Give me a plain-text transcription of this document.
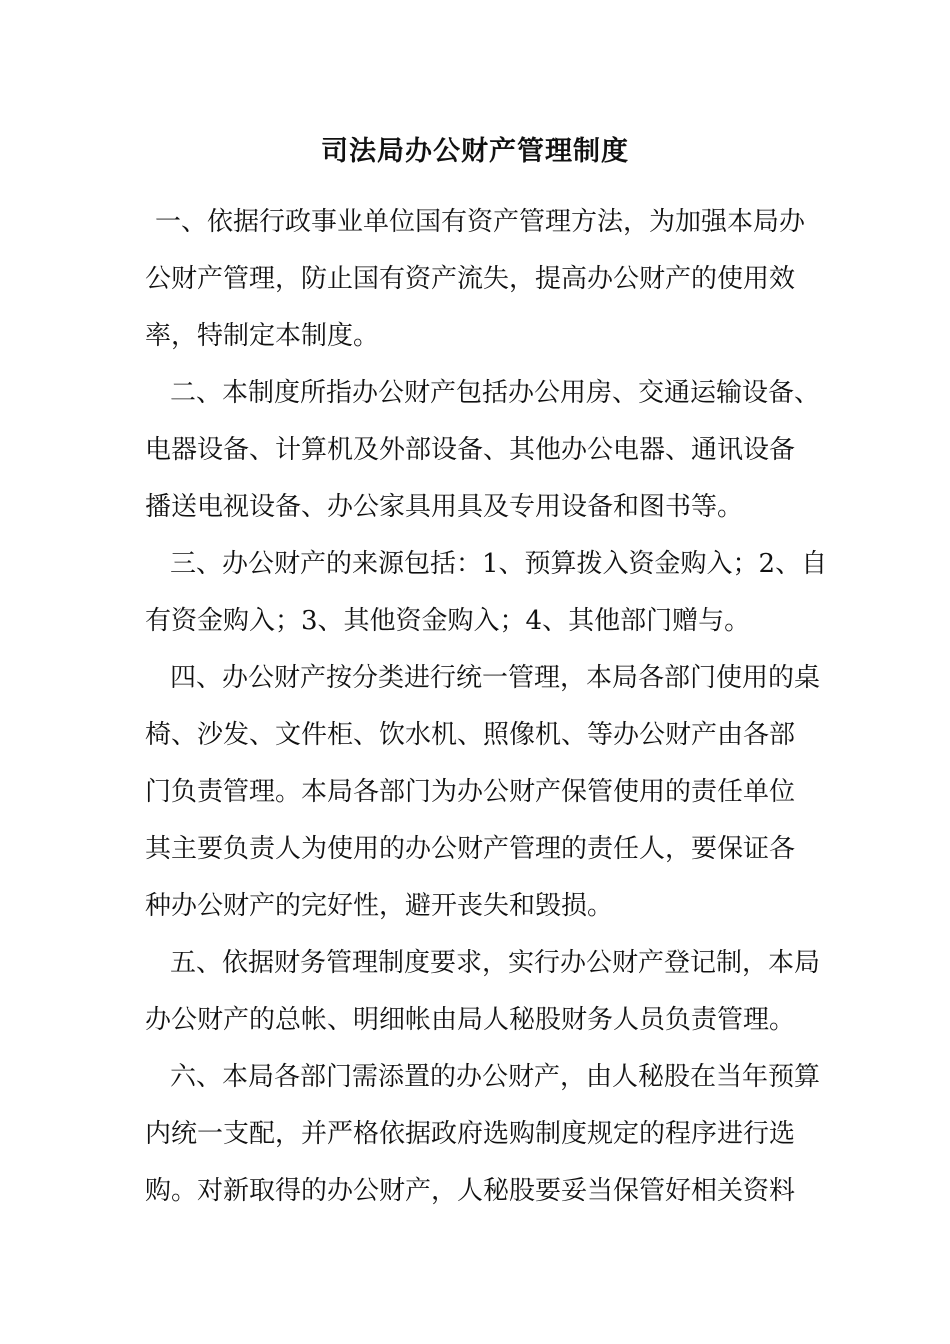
司法局办公财产管理制度
一、依据行政事业单位国有资产管理方法，为加强本局办
公财产管理，防止国有资产流失，提高办公财产的使用效
率，特制定本制度。
二、本制度所指办公财产包括办公用房、交通运输设备、
电器设备、计算机及外部设备、其他办公电器、通讯设备
播送电视设备、办公家具用具及专用设备和图书等。
三、办公财产的来源包括：1、预算拨入资金购入；2、自
有资金购入；3、其他资金购入；4、其他部门赠与。
四、办公财产按分类进行统一管理，本局各部门使用的桌
椅、沙发、文件柜、饮水机、照像机、等办公财产由各部
门负责管理。本局各部门为办公财产保管使用的责任单位
其主要负责人为使用的办公财产管理的责任人，要保证各
种办公财产的完好性，避开丧失和毁损。
五、依据财务管理制度要求，实行办公财产登记制，本局
办公财产的总帐、明细帐由局人秘股财务人员负责管理。
六、本局各部门需添置的办公财产，由人秘股在当年预算
内统一支配，并严格依据政府选购制度规定的程序进行选
购。对新取得的办公财产，人秘股要妥当保管好相关资料
